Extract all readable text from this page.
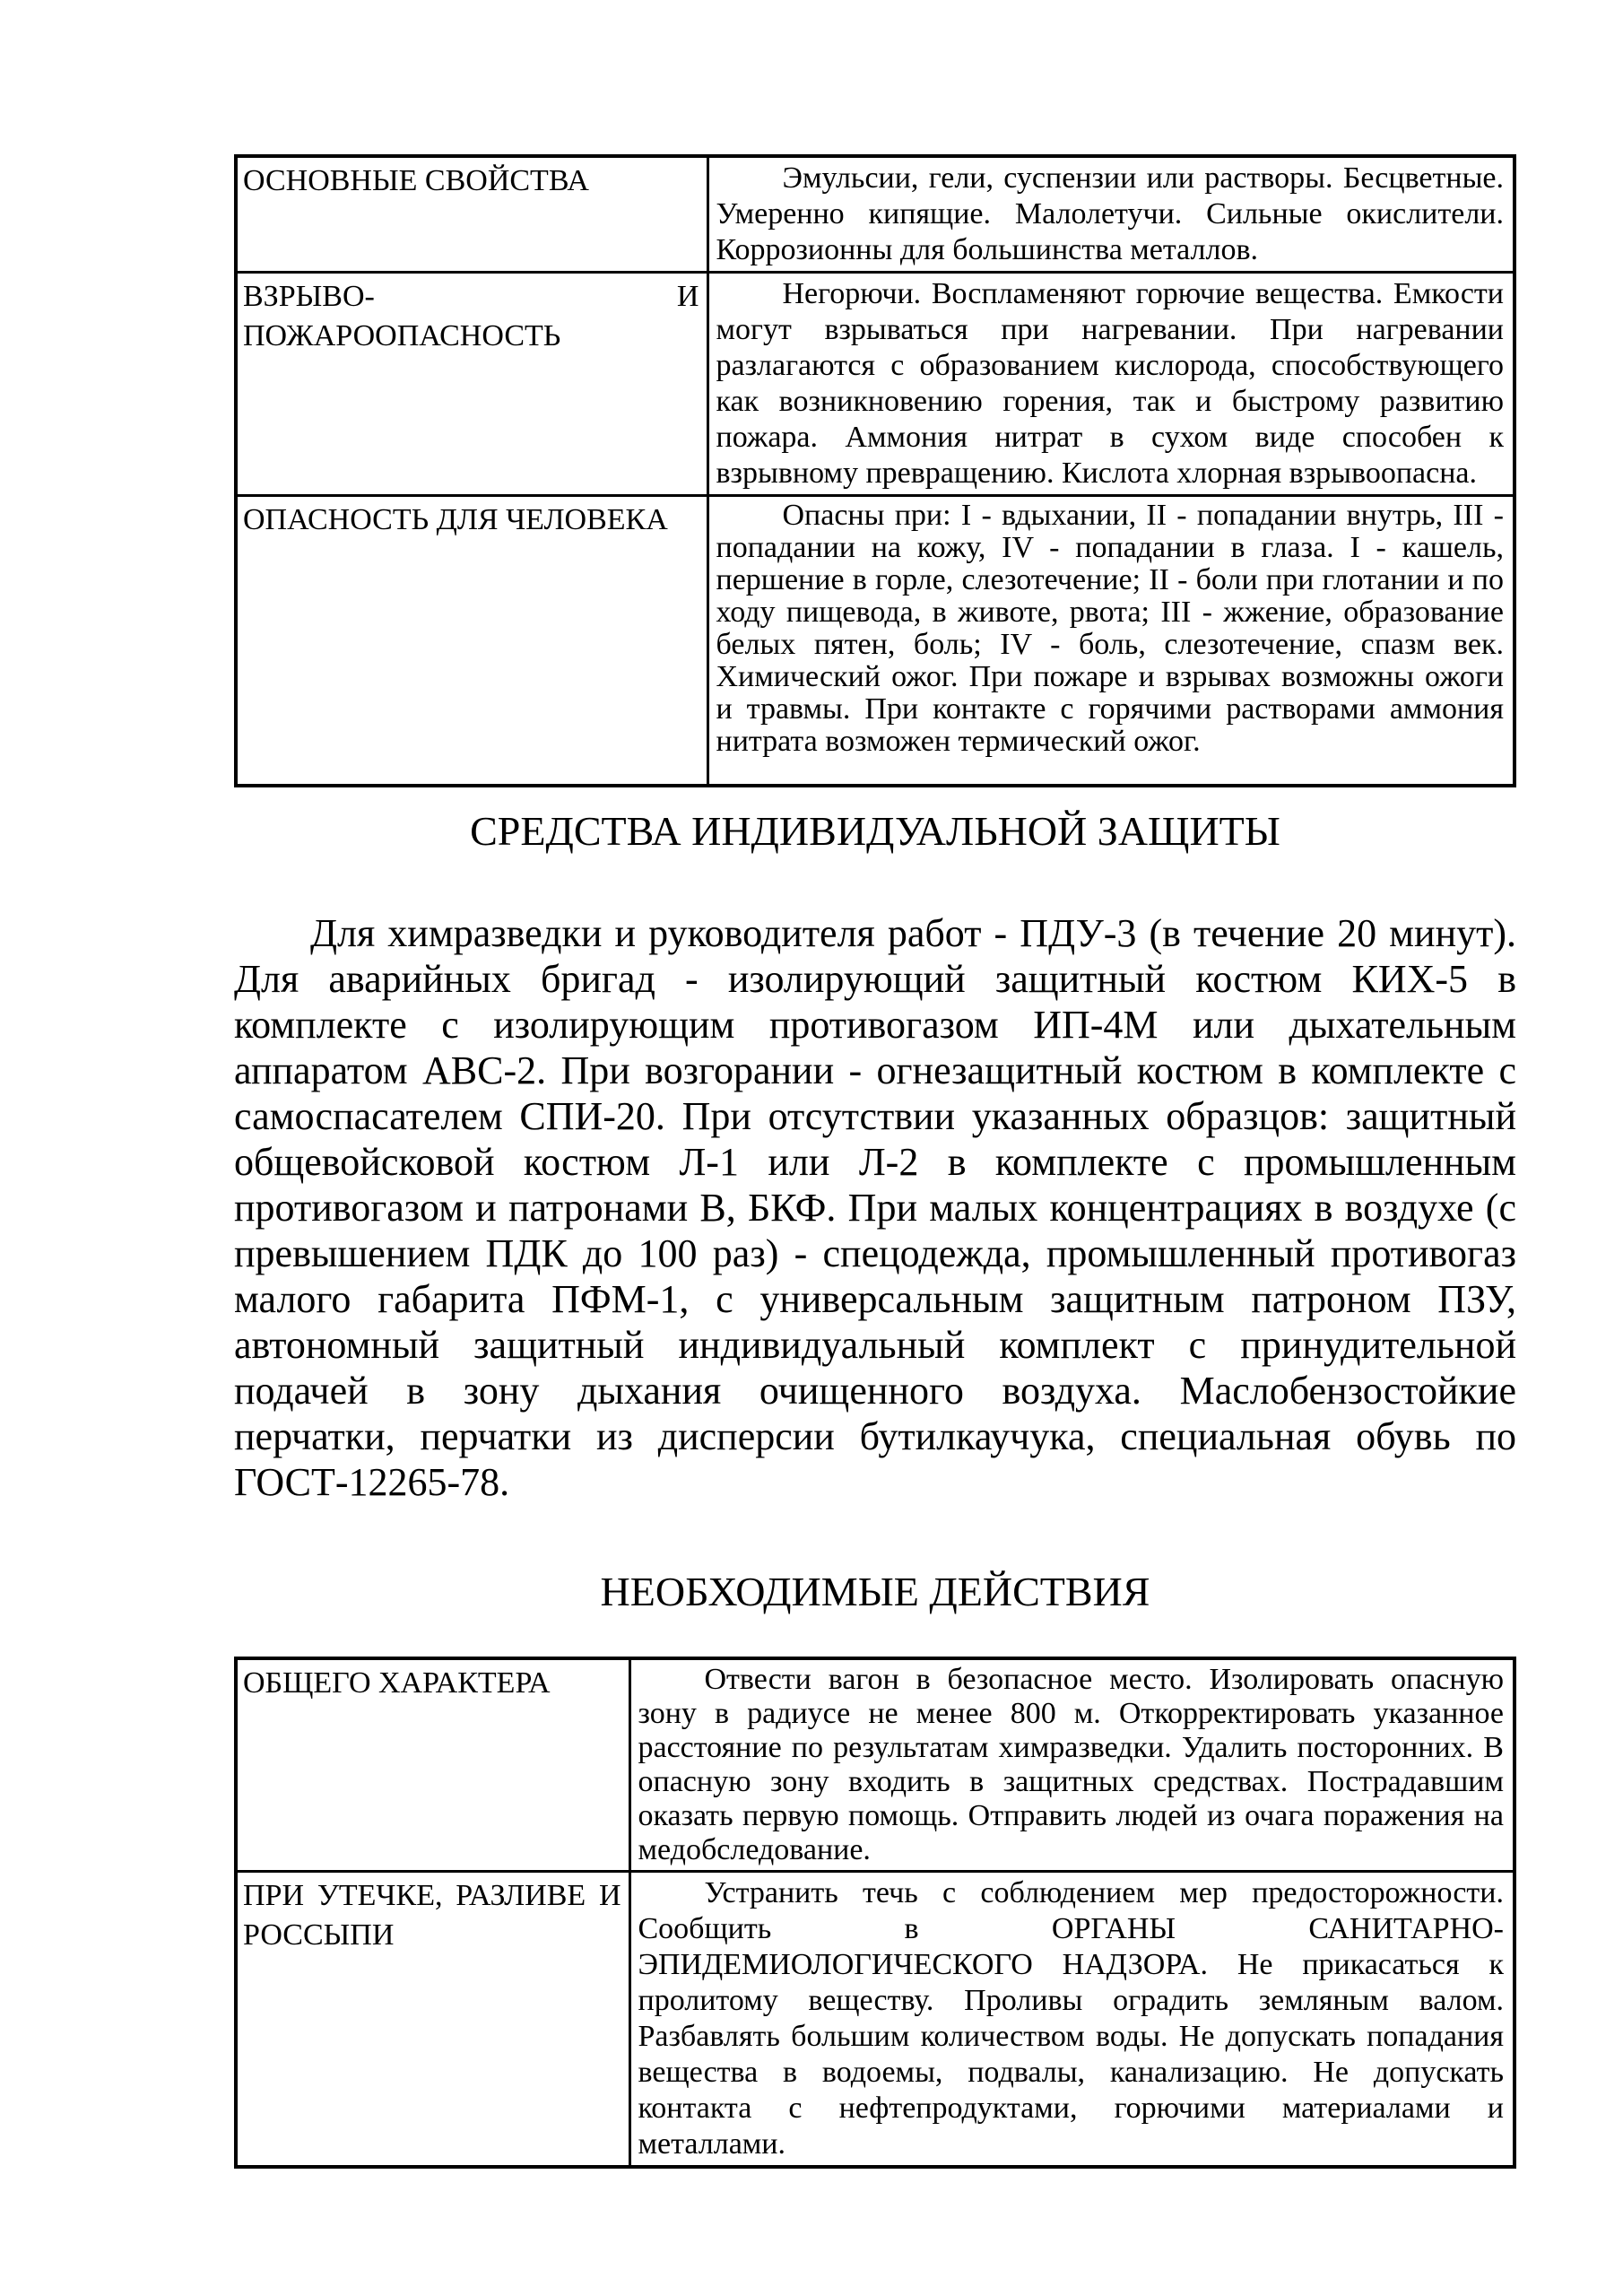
ОСНОВНЫЕ СВОЙСТВА	Эмульсии, гели, суспензии или растворы. Бесцветные. Умеренно кипящие. Малолетучи. Сильные окислители. Коррозионны для большинства металлов.

ВЗРЫВО- И ПОЖАРООПАСНОСТЬ	Негорючи. Воспламеняют горючие вещества. Емкости могут взрываться при нагревании. При нагревании разлагаются с образованием кислорода, способствующего как возникновению горения, так и быстрому развитию пожара. Аммония нитрат в сухом виде способен к взрывному превращению. Кислота хлорная взрывоопасна.

ОПАСНОСТЬ ДЛЯ ЧЕЛОВЕКА	Опасны при: I - вдыхании, II - попадании внутрь, III - попадании на кожу, IV - попадании в глаза. I - кашель, першение в горле, слезотечение; II - боли при глотании и по ходу пищевода, в животе, рвота; III - жжение, образование белых пятен, боль; IV - боль, слезотечение, спазм век. Химический ожог. При пожаре и взрывах возможны ожоги и травмы. При контакте с горячими растворами аммония нитрата возможен термический ожог.

СРЕДСТВА ИНДИВИДУАЛЬНОЙ ЗАЩИТЫ

Для химразведки и руководителя работ - ПДУ-3 (в течение 20 минут). Для аварийных бригад - изолирующий защитный костюм КИХ-5 в комплекте с изолирующим противогазом ИП-4М или дыхательным аппаратом АВС-2. При возгорании - огнезащитный костюм в комплекте с самоспасателем СПИ-20. При отсутствии указанных образцов: защитный общевойсковой костюм Л-1 или Л-2 в комплекте с промышленным противогазом и патронами В, БКФ. При малых концентрациях в воздухе (с превышением ПДК до 100 раз) - спецодежда, промышленный противогаз малого габарита ПФМ-1, с универсальным защитным патроном ПЗУ, автономный защитный индивидуальный комплект с принудительной подачей в зону дыхания очищенного воздуха. Маслобензостойкие перчатки, перчатки из дисперсии бутилкаучука, специальная обувь по ГОСТ-12265-78.

НЕОБХОДИМЫЕ ДЕЙСТВИЯ

ОБЩЕГО ХАРАКТЕРА	Отвести вагон в безопасное место. Изолировать опасную зону в радиусе не менее 800 м. Откорректировать указанное расстояние по результатам химразведки. Удалить посторонних. В опасную зону входить в защитных средствах. Пострадавшим оказать первую помощь. Отправить людей из очага поражения на медобследование.

ПРИ УТЕЧКЕ, РАЗЛИВЕ И РОССЫПИ	Устранить течь с соблюдением мер предосторожности. Сообщить в ОРГАНЫ САНИТАРНО-ЭПИДЕМИОЛОГИЧЕСКОГО НАДЗОРА. Не прикасаться к пролитому веществу. Проливы оградить земляным валом. Разбавлять большим количеством воды. Не допускать попадания вещества в водоемы, подвалы, канализацию. Не допускать контакта с нефтепродуктами, горючими материалами и металлами.
